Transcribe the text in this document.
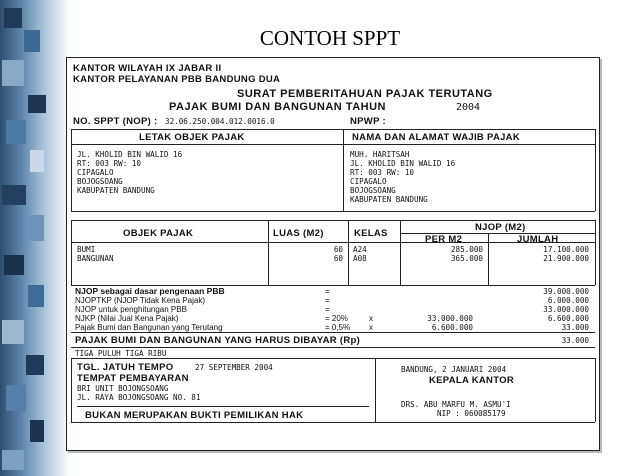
CONTOH SPPT
KANTOR WILAYAH IX JABAR II
KANTOR PELAYANAN PBB BANDUNG DUA
SURAT PEMBERITAHUAN PAJAK TERUTANG
PAJAK BUMI DAN BANGUNAN TAHUN	2004
NO. SPPT (NOP) : 32.06.250.004.012.0016.0	NPWP :
LETAK OBJEK PAJAK	NAMA DAN ALAMAT WAJIB PAJAK
JL. KHOLID BIN WALID 16
RT: 003 RW: 10
CIPAGALO
BOJOGSOANG
KABUPATEN BANDUNG
MUH. HARITSAH
JL. KHOLID BIN WALID 16
RT: 003 RW: 10
CIPAGALO
BOJOGSOANG
KABUPATEN BANDUNG
OBJEK PAJAK	LUAS (M2)	KELAS
NJOP (M2)
PER M2	JUMLAH
BUMI	60 A24	285.000	17.100.000
BANGUNAN	60 A08	365.000	21.900.000
NJOP sebagai dasar pengenaan PBB	=	39.000.000
NJOPTKP (NJOP Tidak Kena Pajak)	=	6.000.000
NJOP untuk penghitungan PBB	=	33.000.000
NJKP (Nilai Jual Kena Pajak)	= 20%	x	33.000.000	6.600.000
Pajak Bumi dan Bangunan yang Terutang	= 0,5% x	6.600.000	33.000
PAJAK BUMI DAN BANGUNAN YANG HARUS DIBAYAR (Rp)	33.000
TIGA PULUH TIGA RIBU
TGL. JATUH TEMPO	27 SEPTEMBER 2004
TEMPAT PEMBAYARAN
BRI UNIT BOJONGSOANG
JL. RAYA BOJONGSOANG NO. 81
BUKAN MERUPAKAN BUKTI PEMILIKAN HAK
BANDUNG, 2 JANUARI 2004
KEPALA KANTOR
DRS. ABU MARFU M. ASMU'I
NIP : 060085179
